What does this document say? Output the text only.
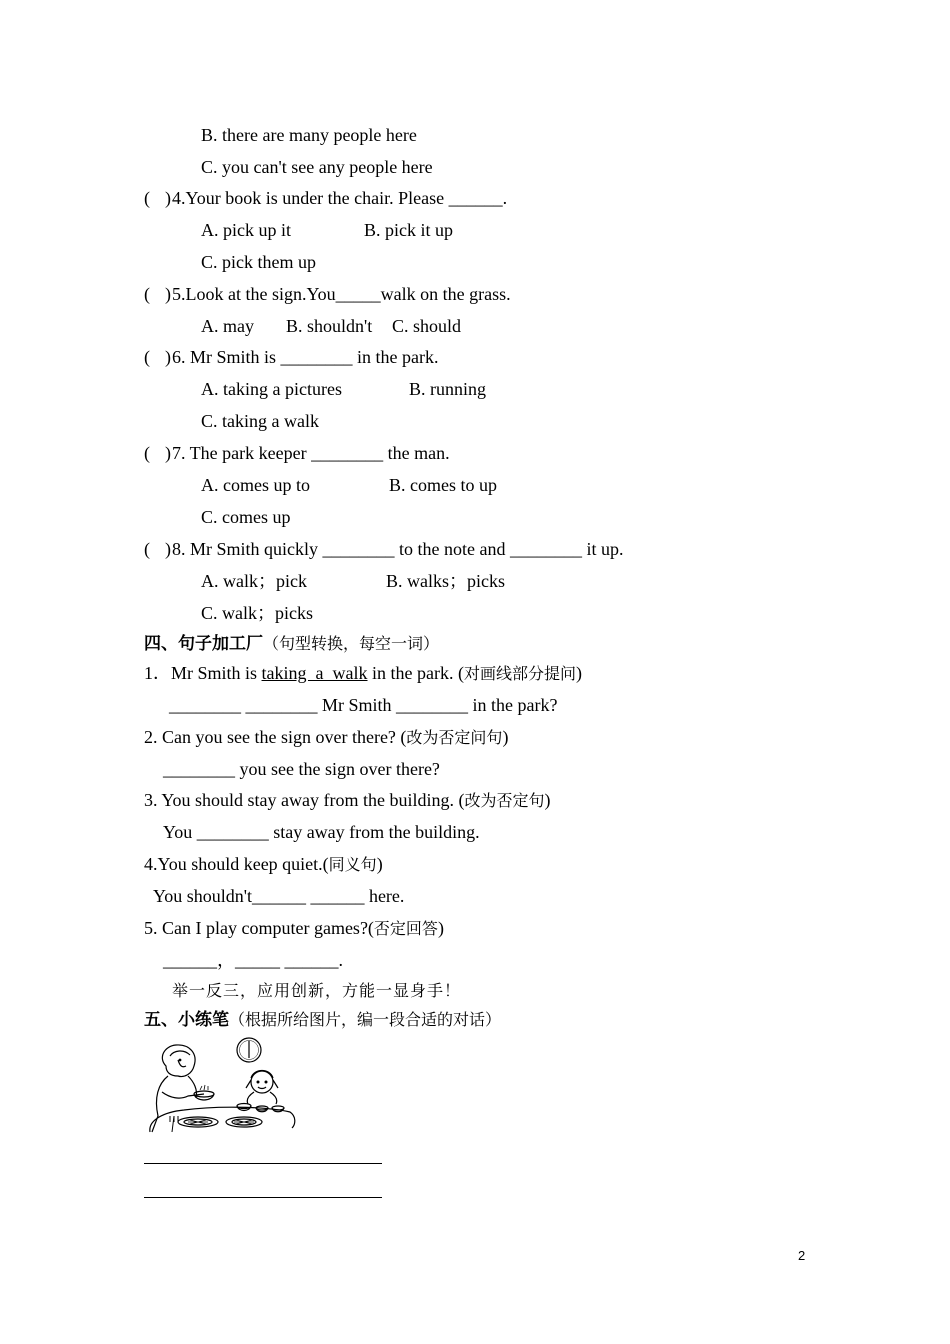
B. there are many people here
C. you can't see any people here
( ) 4.Your book is under the chair. Please ______.
A. pick up it	B. pick it up
C. pick them up
( ) 5.Look at the sign.You_____walk on the grass.
A. may B. shouldn't C. should
( ) 6. Mr Smith is ________ in the park.
A. taking a pictures	B. running
C. taking a walk
( ) 7. The park keeper ________ the man.
A. comes up to	B. comes to up
C. comes up
( ) 8. Mr Smith quickly ________ to the note and ________ it up.
A. walk；pick	B. walks；picks
C. walk；picks
四、句子加工厂（句型转换，每空一词）
1．Mr Smith is taking  a  walk in the park. (对画线部分提问)
________ ________ Mr Smith ________ in the park?
2. Can you see the sign over there? (改为否定问句)
________ you see the sign over there?
3. You should stay away from the building. (改为否定句)
You ________ stay away from the building.
4.You should keep quiet.(同义句)
You shouldn't______ ______ here.
5. Can I play computer games?(否定回答)
______，_____ ______.
举一反三，应用创新，方能一显身手！
五、小练笔（根据所给图片，编一段合适的对话）
2
